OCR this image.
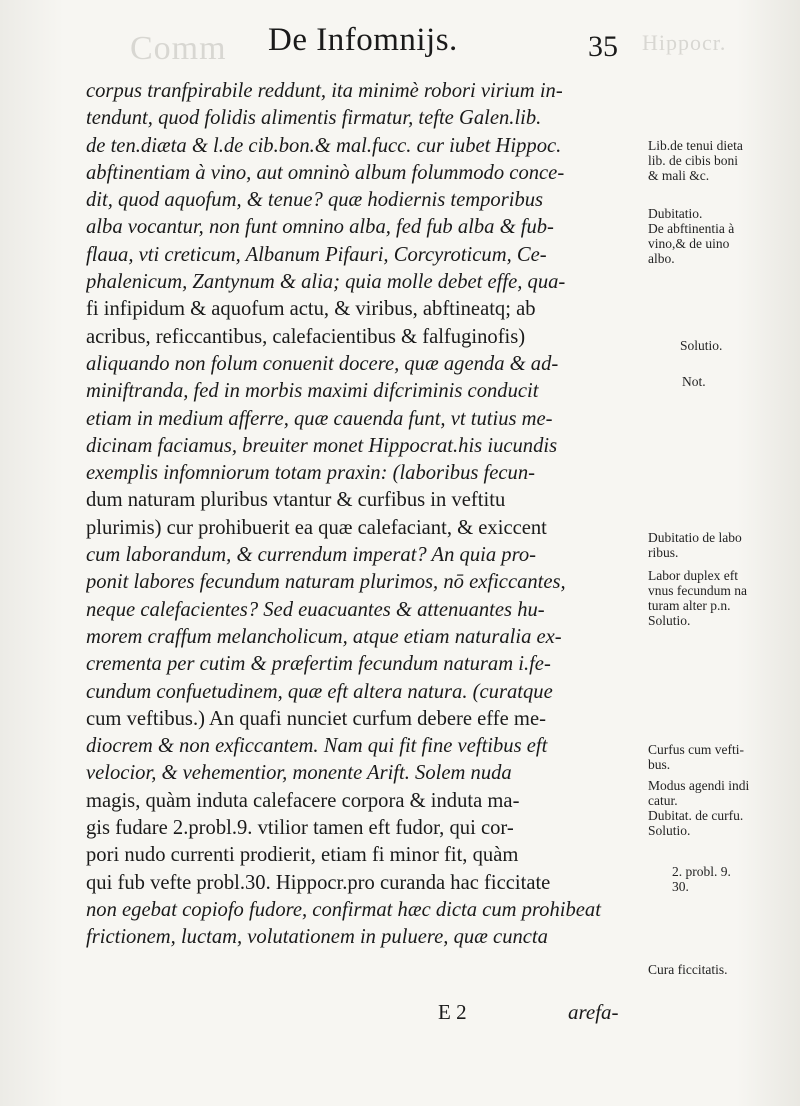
Comm	Hippocr.
De Infomnijs.	35
corpus tranfpirabile reddunt, ita minimè robori virium in-
tendunt, quod folidis alimentis firmatur, tefte Galen.lib.
de ten.diæta & l.de cib.bon.& mal.fucc. cur iubet Hippoc.
abftinentiam à vino, aut omninò album folummodo conce-
dit, quod aquofum, & tenue? quæ hodiernis temporibus
alba vocantur, non funt omnino alba, fed fub alba & fub-
flaua, vti creticum, Albanum Pifauri, Corcyroticum, Ce-
phalenicum, Zantynum & alia; quia molle debet effe, qua-
fi infipidum & aquofum actu, & viribus, abftineatq; ab
acribus, reficcantibus, calefacientibus & falfuginofis)
aliquando non folum conuenit docere, quæ agenda & ad-
miniftranda, fed in morbis maximi difcriminis conducit
etiam in medium afferre, quæ cauenda funt, vt tutius me-
dicinam faciamus, breuiter monet Hippocrat.his iucundis
exemplis infomniorum totam praxin: (laboribus fecun-
dum naturam pluribus vtantur & curfibus in veftitu
plurimis) cur prohibuerit ea quæ calefaciant, & exiccent
cum laborandum, & currendum imperat? An quia pro-
ponit labores fecundum naturam plurimos, nō exficcantes,
neque calefacientes? Sed euacuantes & attenuantes hu-
morem craffum melancholicum, atque etiam naturalia ex-
crementa per cutim & præfertim fecundum naturam i.fe-
cundum confuetudinem, quæ eft altera natura. (curatque
cum veftibus.) An quafi nunciet curfum debere effe me-
diocrem & non exficcantem. Nam qui fit fine veftibus eft
velocior, & vehementior, monente Arift. Solem nuda
magis, quàm induta calefacere corpora & induta ma-
gis fudare 2.probl.9. vtilior tamen eft fudor, qui cor-
pori nudo currenti prodierit, etiam fi minor fit, quàm
qui fub vefte probl.30. Hippocr.pro curanda hac ficcitate
non egebat copiofo fudore, confirmat hæc dicta cum prohibeat
frictionem, luctam, volutationem in puluere, quæ cuncta
Lib.de tenui dieta
lib. de cibis boni
& mali &c.
Dubitatio.
De abftinentia à
vino,& de uino
albo.
Solutio.
Not.
Dubitatio de labo
ribus.
Labor duplex eft
vnus fecundum na
turam alter p.n.
Solutio.
Curfus cum vefti-
bus.
Modus agendi indi
catur.
Dubitat. de curfu.
Solutio.
2. probl. 9.
30.
Cura ficcitatis.
E 2	arefa-
